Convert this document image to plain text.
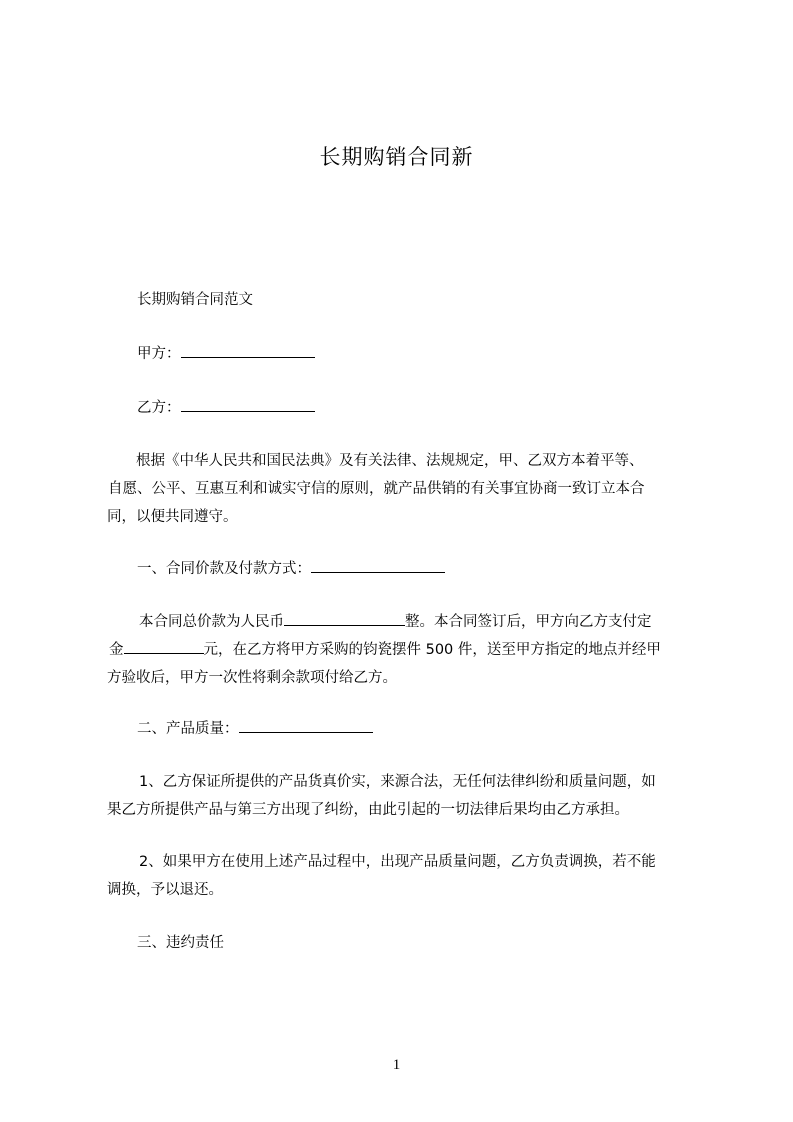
长期购销合同新
长期购销合同范文
甲方：
乙方：
根据《中华人民共和国民法典》及有关法律、法规规定，甲、乙双方本着平等、
自愿、公平、互惠互利和诚实守信的原则，就产品供销的有关事宜协商一致订立本合
同，以便共同遵守。
一、合同价款及付款方式：
本合同总价款为人民币	整。本合同签订后，甲方向乙方支付定
金	元，在乙方将甲方采购的钧瓷摆件 500 件，送至甲方指定的地点并经甲
方验收后，甲方一次性将剩余款项付给乙方。
二、产品质量：
1、乙方保证所提供的产品货真价实，来源合法，无任何法律纠纷和质量问题，如
果乙方所提供产品与第三方出现了纠纷，由此引起的一切法律后果均由乙方承担。
2、如果甲方在使用上述产品过程中，出现产品质量问题，乙方负责调换，若不能
调换，予以退还。
三、违约责任
1
